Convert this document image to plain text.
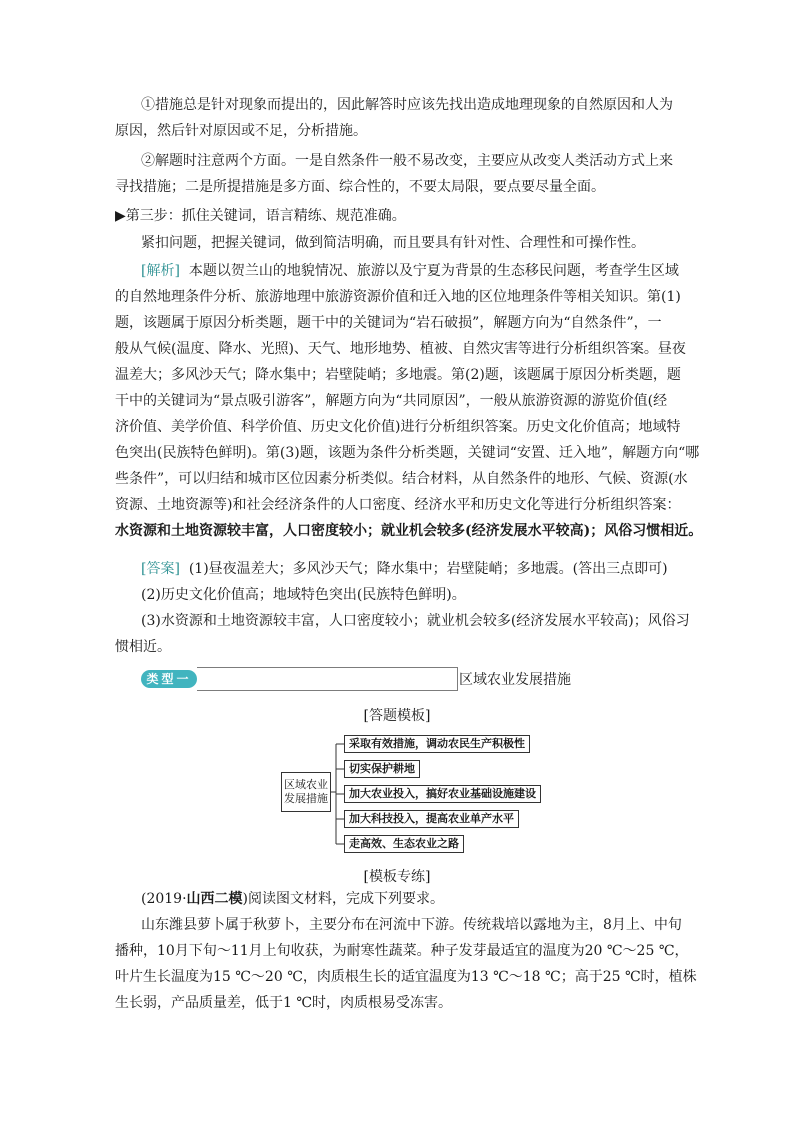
①措施总是针对现象而提出的，因此解答时应该先找出造成地理现象的自然原因和人为
原因，然后针对原因或不足，分析措施。
②解题时注意两个方面。一是自然条件一般不易改变，主要应从改变人类活动方式上来
寻找措施；二是所提措施是多方面、综合性的，不要太局限，要点要尽量全面。
▶第三步：抓住关键词，语言精练、规范准确。
紧扣问题，把握关键词，做到简洁明确，而且要具有针对性、合理性和可操作性。
[解析] 本题以贺兰山的地貌情况、旅游以及宁夏为背景的生态移民问题，考查学生区域
的自然地理条件分析、旅游地理中旅游资源价值和迁入地的区位地理条件等相关知识。第(1)
题，该题属于原因分析类题，题干中的关键词为“岩石破损”，解题方向为“自然条件”，一
般从气候(温度、降水、光照)、天气、地形地势、植被、自然灾害等进行分析组织答案。昼夜
温差大；多风沙天气；降水集中；岩壁陡峭；多地震。第(2)题，该题属于原因分析类题，题
干中的关键词为“景点吸引游客”，解题方向为“共同原因”，一般从旅游资源的游览价值(经
济价值、美学价值、科学价值、历史文化价值)进行分析组织答案。历史文化价值高；地域特
色突出(民族特色鲜明)。第(3)题，该题为条件分析类题，关键词“安置、迁入地”，解题方向“哪
些条件”，可以归结和城市区位因素分析类似。结合材料，从自然条件的地形、气候、资源(水
资源、土地资源等)和社会经济条件的人口密度、经济水平和历史文化等进行分析组织答案：
水资源和土地资源较丰富，人口密度较小；就业机会较多(经济发展水平较高)；风俗习惯相近。
[答案] (1)昼夜温差大；多风沙天气；降水集中；岩壁陡峭；多地震。(答出三点即可)
(2)历史文化价值高；地域特色突出(民族特色鲜明)。
(3)水资源和土地资源较丰富，人口密度较小；就业机会较多(经济发展水平较高)；风俗习
惯相近。
类型一	区域农业发展措施
[答题模板]
区域农业
发展措施
采取有效措施，调动农民生产积极性
切实保护耕地
加大农业投入，搞好农业基础设施建设
加大科技投入，提高农业单产水平
走高效、生态农业之路
[模板专练]
(2019·山西二模)阅读图文材料，完成下列要求。
山东潍县萝卜属于秋萝卜，主要分布在河流中下游。传统栽培以露地为主，8月上、中旬
播种，10月下旬～11月上旬收获，为耐寒性蔬菜。种子发芽最适宜的温度为20 ℃～25 ℃，
叶片生长温度为15 ℃～20 ℃，肉质根生长的适宜温度为13 ℃～18 ℃；高于25 ℃时，植株
生长弱，产品质量差，低于1 ℃时，肉质根易受冻害。
